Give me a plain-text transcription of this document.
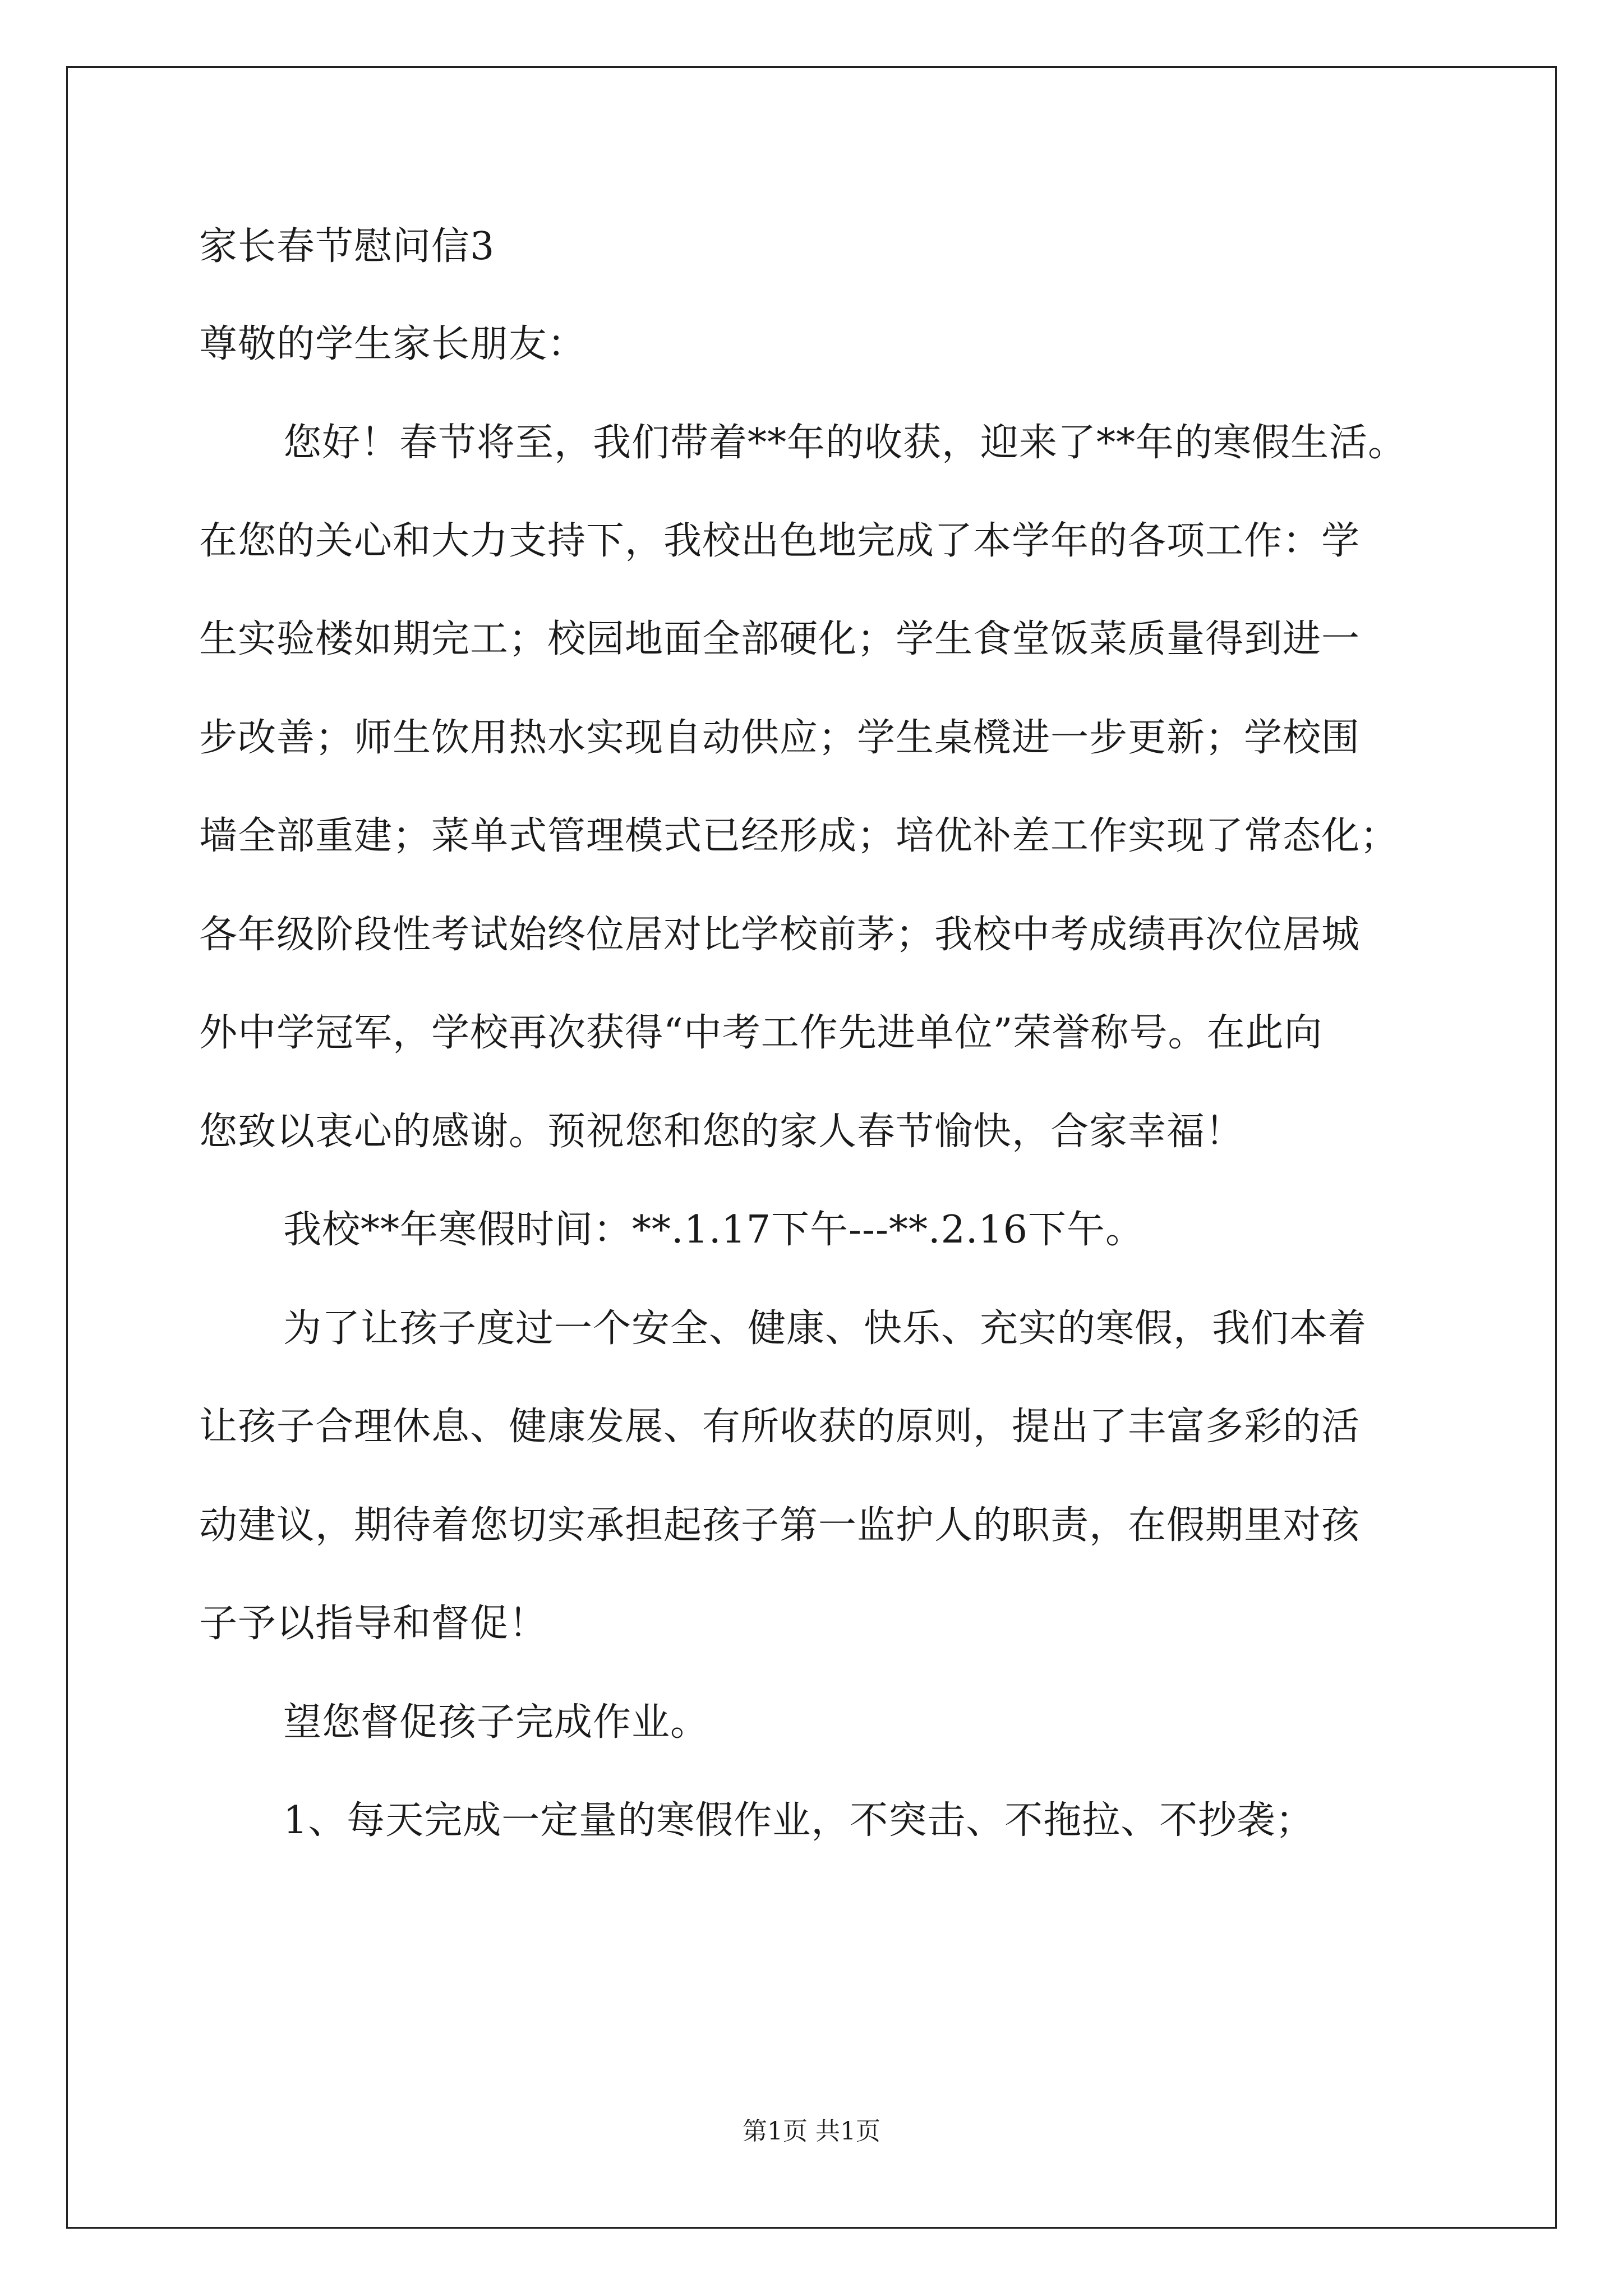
家长春节慰问信3
尊敬的学生家长朋友：
您好！春节将至，我们带着**年的收获，迎来了**年的寒假生活。
在您的关心和大力支持下，我校出色地完成了本学年的各项工作：学
生实验楼如期完工；校园地面全部硬化；学生食堂饭菜质量得到进一
步改善；师生饮用热水实现自动供应；学生桌櫈进一步更新；学校围
墙全部重建；菜单式管理模式已经形成；培优补差工作实现了常态化；
各年级阶段性考试始终位居对比学校前茅；我校中考成绩再次位居城
外中学冠军，学校再次获得“中考工作先进单位”荣誉称号。在此向
您致以衷心的感谢。预祝您和您的家人春节愉快，合家幸福！
我校**年寒假时间：**.1.17下午---**.2.16下午。
为了让孩子度过一个安全、健康、快乐、充实的寒假，我们本着
让孩子合理休息、健康发展、有所收获的原则，提出了丰富多彩的活
动建议，期待着您切实承担起孩子第一监护人的职责，在假期里对孩
子予以指导和督促！
望您督促孩子完成作业。
1、每天完成一定量的寒假作业，不突击、不拖拉、不抄袭；
第1页 共1页
